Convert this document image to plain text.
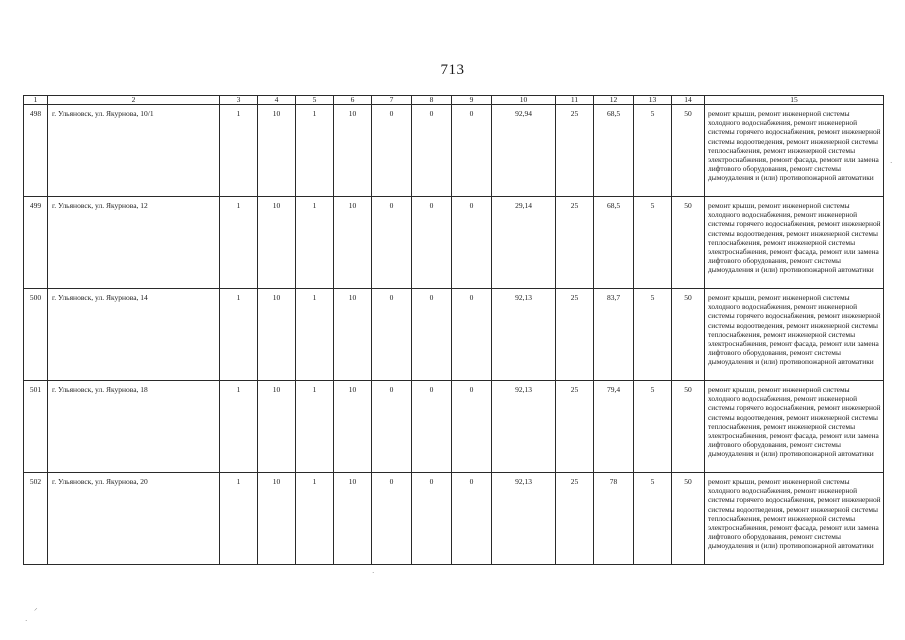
713
1	2	3	4	5	6	7	8	9	10	11	12	13	14	15
498	г. Ульяновск, ул. Якурнова, 10/1	1	10	1	10	0	0	0	92,94	25	68,5	5	50	ремонт крыши, ремонт инженерной системы холодного водоснабжения, ремонт инженерной системы горячего водоснабжения, ремонт инженерной системы водоотведения, ремонт инженерной системы теплоснабжения, ремонт инженерной системы электроснабжения, ремонт фасада, ремонт или замена лифтового оборудования, ремонт системы дымоудаления и (или) противопожарной автоматики
499	г. Ульяновск, ул. Якурнова, 12	1	10	1	10	0	0	0	29,14	25	68,5	5	50	ремонт крыши, ремонт инженерной системы холодного водоснабжения, ремонт инженерной системы горячего водоснабжения, ремонт инженерной системы водоотведения, ремонт инженерной системы теплоснабжения, ремонт инженерной системы электроснабжения, ремонт фасада, ремонт или замена лифтового оборудования, ремонт системы дымоудаления и (или) противопожарной автоматики
500	г. Ульяновск, ул. Якурнова, 14	1	10	1	10	0	0	0	92,13	25	83,7	5	50	ремонт крыши, ремонт инженерной системы холодного водоснабжения, ремонт инженерной системы горячего водоснабжения, ремонт инженерной системы водоотведения, ремонт инженерной системы теплоснабжения, ремонт инженерной системы электроснабжения, ремонт фасада, ремонт или замена лифтового оборудования, ремонт системы дымоудаления и (или) противопожарной автоматики
501	г. Ульяновск, ул. Якурнова, 18	1	10	1	10	0	0	0	92,13	25	79,4	5	50	ремонт крыши, ремонт инженерной системы холодного водоснабжения, ремонт инженерной системы горячего водоснабжения, ремонт инженерной системы водоотведения, ремонт инженерной системы теплоснабжения, ремонт инженерной системы электроснабжения, ремонт фасада, ремонт или замена лифтового оборудования, ремонт системы дымоудаления и (или) противопожарной автоматики
502	г. Ульяновск, ул. Якурнова, 20	1	10	1	10	0	0	0	92,13	25	78	5	50	ремонт крыши, ремонт инженерной системы холодного водоснабжения, ремонт инженерной системы горячего водоснабжения, ремонт инженерной системы водоотведения, ремонт инженерной системы теплоснабжения, ремонт инженерной системы электроснабжения, ремонт фасада, ремонт или замена лифтового оборудования, ремонт системы дымоудаления и (или) противопожарной автоматики
⸝
·
·
·
